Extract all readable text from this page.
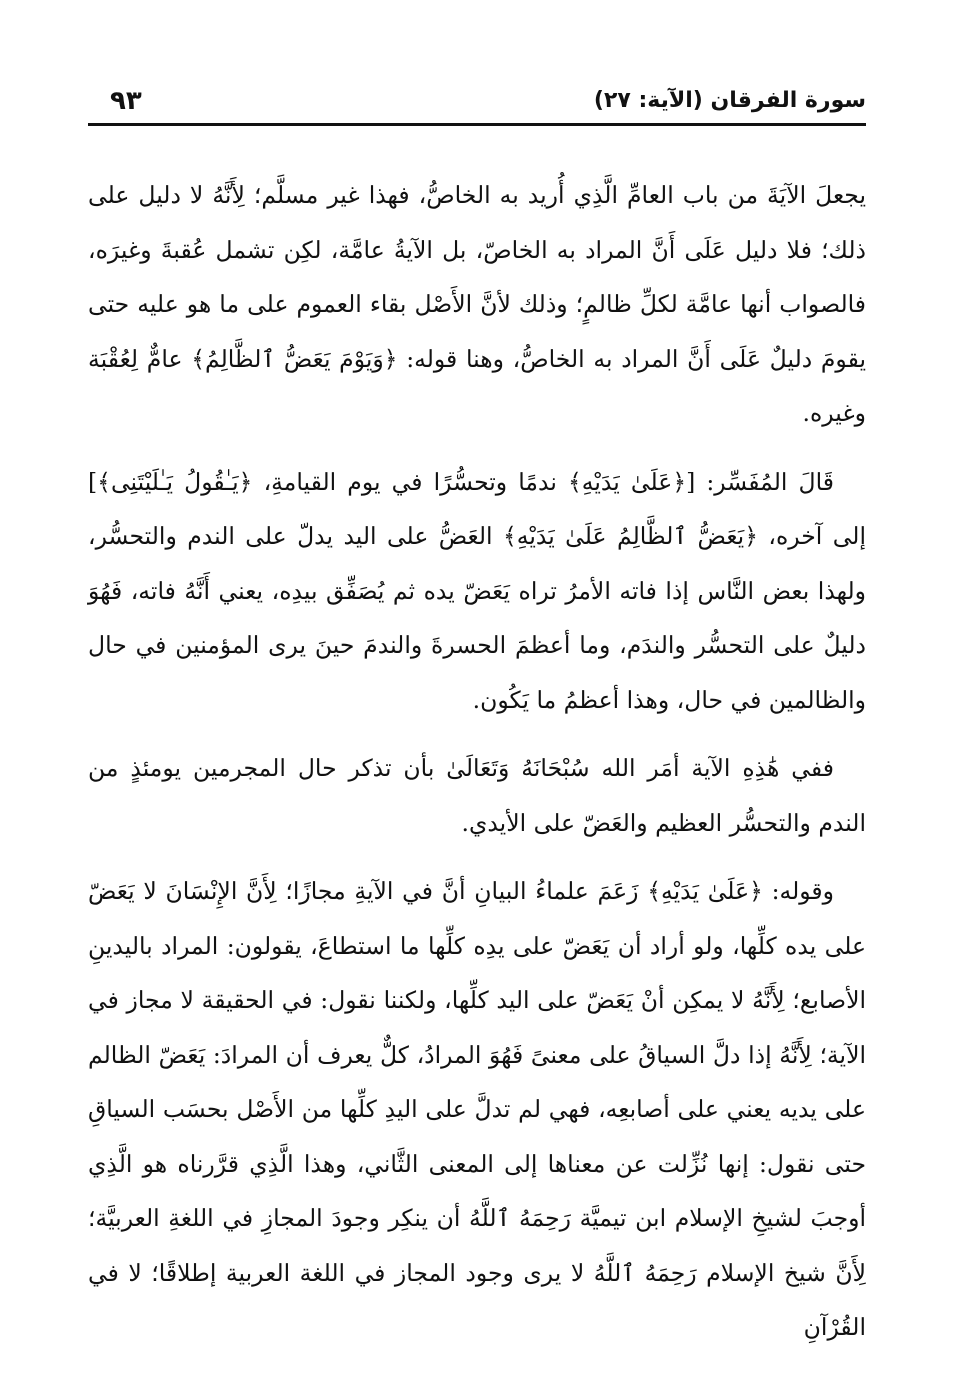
سورة الفرقان (الآية: ٢٧)
٩٣

يجعلَ الآيَةَ من باب العامِّ الَّذِي أُريد به الخاصُّ، فهذا غير مسلَّم؛ لِأَنَّهُ لا دليل على ذلك؛ فلا دليل عَلَى أَنَّ المراد به الخاصّ، بل الآيةُ عامَّة، لكِن تشمل عُقبةَ وغيرَه، فالصواب أنها عامَّة لكلِّ ظالمٍ؛ وذلك لأنَّ الأَصْل بقاء العموم على ما هو عليه حتى يقومَ دليلٌ عَلَى أَنَّ المراد به الخاصُّ، وهنا قوله: ﴿وَيَوْمَ يَعَضُّ ٱلظَّالِمُ﴾ عامٌّ لِعُقْبَة وغيره.

قَالَ المُفَسِّر: [﴿عَلَىٰ يَدَيْهِ﴾ ندمًا وتحسُّرًا في يوم القيامةِ، ﴿يَـٰقُولُ يَـٰلَيْتَنِى﴾] إلى آخره، ﴿يَعَضُّ ٱلظَّالِمُ عَلَىٰ يَدَيْهِ﴾ العَضُّ على اليد يدلّ على الندم والتحسُّر، ولهذا بعض النَّاس إذا فاته الأمرُ تراه يَعَضّ يده ثم يُصَفِّق بيدِه، يعني أَنَّهُ فاته، فَهُوَ دليلٌ على التحسُّر والندَم، وما أعظمَ الحسرةَ والندمَ حينَ يرى المؤمنين في حال والظالمين في حال، وهذا أعظمُ ما يَكُون.

ففي هَٰذِهِ الآية أمَر الله سُبْحَانَهُ وَتَعَالَىٰ بأن تذكر حال المجرمين يومئذٍ من الندم والتحسُّر العظيم والعَضّ على الأيدي.

وقوله: ﴿عَلَىٰ يَدَيْهِ﴾ زَعَمَ علماءُ البيانِ أنَّ في الآيةِ مجازًا؛ لِأَنَّ الإِنْسَانَ لا يَعَضّ على يده كلِّها، ولو أراد أن يَعَضّ على يدِه كلِّها ما استطاعَ، يقولون: المراد باليدينِ الأصابع؛ لِأَنَّهُ لا يمكِن أنْ يَعَضّ على اليد كلِّها، ولكننا نقول: في الحقيقة لا مجاز في الآية؛ لِأَنَّهُ إذا دلَّ السياقُ على معنىً فَهُوَ المرادُ، كلٌّ يعرف أن المرادَ: يَعَضّ الظالم على يديه يعني على أصابعِه، فهي لم تدلَّ على اليدِ كلِّها من الأَصْل بحسَب السياقِ حتى نقول: إنها نُزِّلت عن معناها إلى المعنى الثَّاني، وهذا الَّذِي قرَّرناه هو الَّذِي أوجبَ لشيخِ الإسلام ابن تيميَّة رَحِمَهُ ٱللَّهُ أن ينكِر وجودَ المجازِ في اللغةِ العربيَّة؛ لِأَنَّ شيخ الإسلام رَحِمَهُ ٱللَّهُ لا يرى وجود المجاز في اللغة العربية إطلاقًا؛ لا في القُرْآنِ
